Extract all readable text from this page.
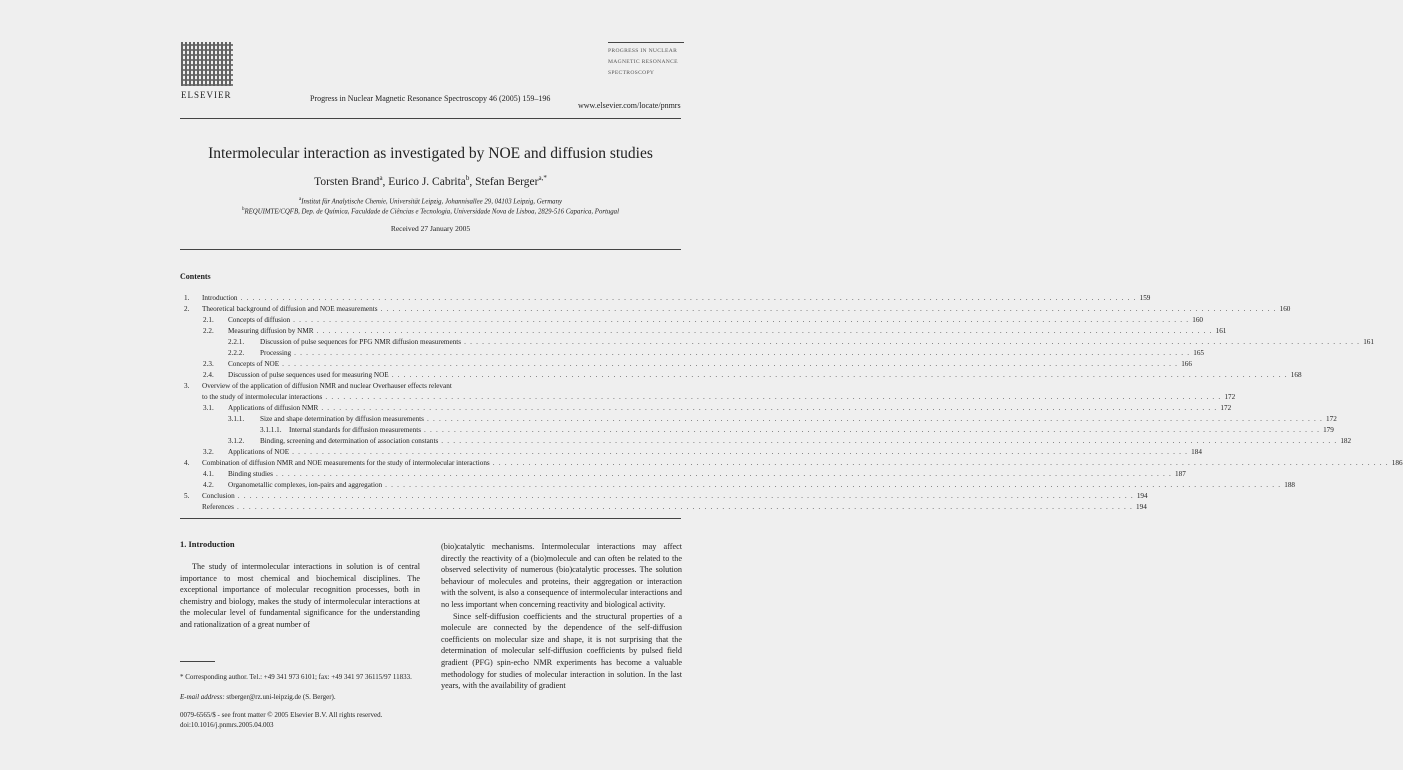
ELSEVIER	Progress in Nuclear Magnetic Resonance Spectroscopy 46 (2005) 159–196
PROGRESS IN NUCLEAR
MAGNETIC RESONANCE
SPECTROSCOPY
www.elsevier.com/locate/pnmrs
Intermolecular interaction as investigated by NOE and diffusion studies
Torsten Brand$^a$, Eurico J. Cabrita$^b$, Stefan Berger$^{a,*}$
$^a$Institut für Analytische Chemie, Universität Leipzig, Johannisallee 29, 04103 Leipzig, Germany
$^b$REQUIMTE/CQFB, Dep. de Química, Faculdade de Ciências e Tecnologia, Universidade Nova de Lisboa, 2829-516 Caparica, Portugal
Received 27 January 2005
Contents
1. Introduction . . . . . . . . . . . . . . . . . . . . . . . . . . . . . . . . . . . . . . . . . . . . . . . . . . . . . . . . . . . . . . . . . . . . . . . . . . . . . . . . . . . . . . . . . . . . . . . . . . . . . . . . . . . . . . . . . . . . . . . . . . . . . . . . . . . . . . . . . . . . . . . . . . . . . . 159
2. Theoretical background of diffusion and NOE measurements . . . . . . . . . . . . . . . . . . . . . . . . . . . . . . . . . . . . . . . . . . . . . . . . . . . . . . . . . . . . . . . . . . . . . . . . . . . . . . . . . . . . . . . . . . . . . . . . . . . . . . . . . . . . . . . . . . . . . . . . . . . . . . . . . . . . . . . . . . . . . . . . . . . . . . 160
2.1. Concepts of diffusion . . . . . . . . . . . . . . . . . . . . . . . . . . . . . . . . . . . . . . . . . . . . . . . . . . . . . . . . . . . . . . . . . . . . . . . . . . . . . . . . . . . . . . . . . . . . . . . . . . . . . . . . . . . . . . . . . . . . . . . . . . . . . . . . . . . . . . . . . . . . . . . . . . . . . . 160
2.2. Measuring diffusion by NMR . . . . . . . . . . . . . . . . . . . . . . . . . . . . . . . . . . . . . . . . . . . . . . . . . . . . . . . . . . . . . . . . . . . . . . . . . . . . . . . . . . . . . . . . . . . . . . . . . . . . . . . . . . . . . . . . . . . . . . . . . . . . . . . . . . . . . . . . . . . . . . . . . . . . . . 161
2.2.1. Discussion of pulse sequences for PFG NMR diffusion measurements . . . . . . . . . . . . . . . . . . . . . . . . . . . . . . . . . . . . . . . . . . . . . . . . . . . . . . . . . . . . . . . . . . . . . . . . . . . . . . . . . . . . . . . . . . . . . . . . . . . . . . . . . . . . . . . . . . . . . . . . . . . . . . . . . . . . . . . . . . . . . . . . . . . . . . 161
2.2.2. Processing . . . . . . . . . . . . . . . . . . . . . . . . . . . . . . . . . . . . . . . . . . . . . . . . . . . . . . . . . . . . . . . . . . . . . . . . . . . . . . . . . . . . . . . . . . . . . . . . . . . . . . . . . . . . . . . . . . . . . . . . . . . . . . . . . . . . . . . . . . . . . . . . . . . . . . 165
2.3. Concepts of NOE . . . . . . . . . . . . . . . . . . . . . . . . . . . . . . . . . . . . . . . . . . . . . . . . . . . . . . . . . . . . . . . . . . . . . . . . . . . . . . . . . . . . . . . . . . . . . . . . . . . . . . . . . . . . . . . . . . . . . . . . . . . . . . . . . . . . . . . . . . . . . . . . . . . . . . 166
2.4. Discussion of pulse sequences used for measuring NOE . . . . . . . . . . . . . . . . . . . . . . . . . . . . . . . . . . . . . . . . . . . . . . . . . . . . . . . . . . . . . . . . . . . . . . . . . . . . . . . . . . . . . . . . . . . . . . . . . . . . . . . . . . . . . . . . . . . . . . . . . . . . . . . . . . . . . . . . . . . . . . . . . . . . . . 168
3. Overview of the application of diffusion NMR and nuclear Overhauser effects relevant
to the study of intermolecular interactions . . . . . . . . . . . . . . . . . . . . . . . . . . . . . . . . . . . . . . . . . . . . . . . . . . . . . . . . . . . . . . . . . . . . . . . . . . . . . . . . . . . . . . . . . . . . . . . . . . . . . . . . . . . . . . . . . . . . . . . . . . . . . . . . . . . . . . . . . . . . . . . . . . . . . . 172
3.1. Applications of diffusion NMR . . . . . . . . . . . . . . . . . . . . . . . . . . . . . . . . . . . . . . . . . . . . . . . . . . . . . . . . . . . . . . . . . . . . . . . . . . . . . . . . . . . . . . . . . . . . . . . . . . . . . . . . . . . . . . . . . . . . . . . . . . . . . . . . . . . . . . . . . . . . . . . . . . . . . . 172
3.1.1. Size and shape determination by diffusion measurements . . . . . . . . . . . . . . . . . . . . . . . . . . . . . . . . . . . . . . . . . . . . . . . . . . . . . . . . . . . . . . . . . . . . . . . . . . . . . . . . . . . . . . . . . . . . . . . . . . . . . . . . . . . . . . . . . . . . . . . . . . . . . . . . . . . . . . . . . . . . . . . . . . . . . . 172
3.1.1.1. Internal standards for diffusion measurements . . . . . . . . . . . . . . . . . . . . . . . . . . . . . . . . . . . . . . . . . . . . . . . . . . . . . . . . . . . . . . . . . . . . . . . . . . . . . . . . . . . . . . . . . . . . . . . . . . . . . . . . . . . . . . . . . . . . . . . . . . . . . . . . . . . . . . . . . . . . . . . . . . . . . . 179
3.1.2. Binding, screening and determination of association constants . . . . . . . . . . . . . . . . . . . . . . . . . . . . . . . . . . . . . . . . . . . . . . . . . . . . . . . . . . . . . . . . . . . . . . . . . . . . . . . . . . . . . . . . . . . . . . . . . . . . . . . . . . . . . . . . . . . . . . . . . . . . . . . . . . . . . . . . . . . . . . . . . . . . . . 182
3.2. Applications of NOE . . . . . . . . . . . . . . . . . . . . . . . . . . . . . . . . . . . . . . . . . . . . . . . . . . . . . . . . . . . . . . . . . . . . . . . . . . . . . . . . . . . . . . . . . . . . . . . . . . . . . . . . . . . . . . . . . . . . . . . . . . . . . . . . . . . . . . . . . . . . . . . . . . . . . . 184
4. Combination of diffusion NMR and NOE measurements for the study of intermolecular interactions . . . . . . . . . . . . . . . . . . . . . . . . . . . . . . . . . . . . . . . . . . . . . . . . . . . . . . . . . . . . . . . . . . . . . . . . . . . . . . . . . . . . . . . . . . . . . . . . . . . . . . . . . . . . . . . . . . . . . . . . . . . . . . . . . . . . . . . . . . . . . . . . . . . . . . 186
4.1. Binding studies . . . . . . . . . . . . . . . . . . . . . . . . . . . . . . . . . . . . . . . . . . . . . . . . . . . . . . . . . . . . . . . . . . . . . . . . . . . . . . . . . . . . . . . . . . . . . . . . . . . . . . . . . . . . . . . . . . . . . . . . . . . . . . . . . . . . . . . . . . . . . . . . . . . . . . 187
4.2. Organometallic complexes, ion-pairs and aggregation . . . . . . . . . . . . . . . . . . . . . . . . . . . . . . . . . . . . . . . . . . . . . . . . . . . . . . . . . . . . . . . . . . . . . . . . . . . . . . . . . . . . . . . . . . . . . . . . . . . . . . . . . . . . . . . . . . . . . . . . . . . . . . . . . . . . . . . . . . . . . . . . . . . . . . 188
5. Conclusion . . . . . . . . . . . . . . . . . . . . . . . . . . . . . . . . . . . . . . . . . . . . . . . . . . . . . . . . . . . . . . . . . . . . . . . . . . . . . . . . . . . . . . . . . . . . . . . . . . . . . . . . . . . . . . . . . . . . . . . . . . . . . . . . . . . . . . . . . . . . . . . . . . . . . . 194
References . . . . . . . . . . . . . . . . . . . . . . . . . . . . . . . . . . . . . . . . . . . . . . . . . . . . . . . . . . . . . . . . . . . . . . . . . . . . . . . . . . . . . . . . . . . . . . . . . . . . . . . . . . . . . . . . . . . . . . . . . . . . . . . . . . . . . . . . . . . . . . . . . . . . . . 194
1. Introduction

The study of intermolecular interactions in solution is of central importance to most chemical and biochemical disciplines. The exceptional importance of molecular recognition processes, both in chemistry and biology, makes the study of intermolecular interactions at the molecular level of fundamental significance for the understanding and rationalization of a great number of

(bio)catalytic mechanisms. Intermolecular interactions may affect directly the reactivity of a (bio)molecule and can often be related to the observed selectivity of numerous (bio)catalytic processes. The solution behaviour of molecules and proteins, their aggregation or interaction with the solvent, is also a consequence of intermolecular interactions and no less important when concerning reactivity and biological activity.

Since self-diffusion coefficients and the structural properties of a molecule are connected by the dependence of the self-diffusion coefficients on molecular size and shape, it is not surprising that the determination of molecular self-diffusion coefficients by pulsed field gradient (PFG) spin-echo NMR experiments has become a valuable methodology for studies of molecular interaction in solution. In the last years, with the availability of gradient

* Corresponding author. Tel.: +49 341 973 6101; fax: +49 341 97 36115/97 11833.
E-mail address: stberger@rz.uni-leipzig.de (S. Berger).
0079-6565/$ - see front matter © 2005 Elsevier B.V. All rights reserved.
doi:10.1016/j.pnmrs.2005.04.003
